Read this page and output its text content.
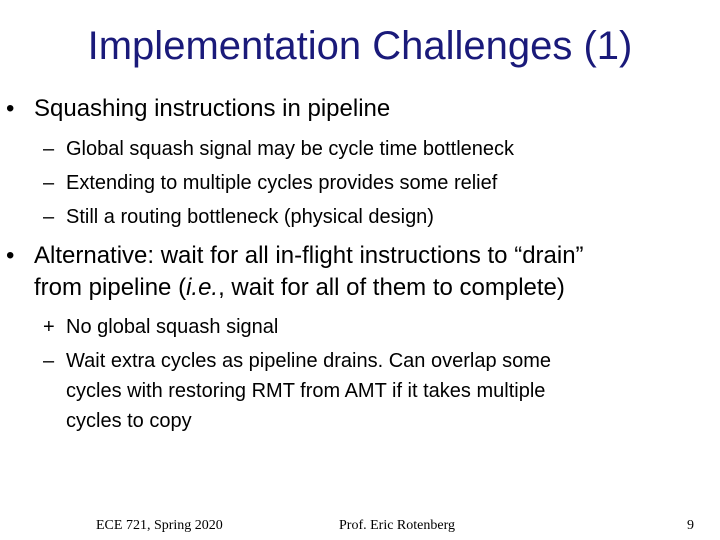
Implementation Challenges (1)
• Squashing instructions in pipeline
– Global squash signal may be cycle time bottleneck
– Extending to multiple cycles provides some relief
– Still a routing bottleneck (physical design)
• Alternative: wait for all in-flight instructions to “drain”
from pipeline (i.e., wait for all of them to complete)
+ No global squash signal
– Wait extra cycles as pipeline drains. Can overlap some
cycles with restoring RMT from AMT if it takes multiple
cycles to copy
ECE 721, Spring 2020	Prof. Eric Rotenberg	9
